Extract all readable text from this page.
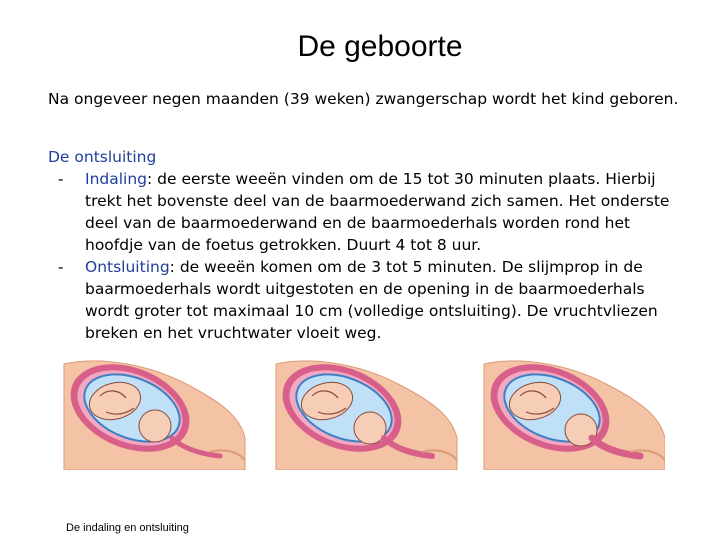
De geboorte
Na ongeveer negen maanden (39 weken) zwangerschap wordt het kind geboren.
De ontsluiting

- Indaling: de eerste weeën vinden om de 15 tot 30 minuten plaats. Hierbij trekt het bovenste deel van de baarmoederwand zich samen. Het onderste deel van de baarmoederwand en de baarmoederhals worden rond het hoofdje van de foetus getrokken. Duurt 4 tot 8 uur.

- Ontsluiting: de weeën komen om de 3 tot 5 minuten. De slijmprop in de baarmoederhals wordt uitgestoten en de opening in de baarmoederhals wordt groter tot maximaal 10 cm (volledige ontsluiting). De vruchtvliezen breken en het vruchtwater vloeit weg.

De indaling en ontsluiting
